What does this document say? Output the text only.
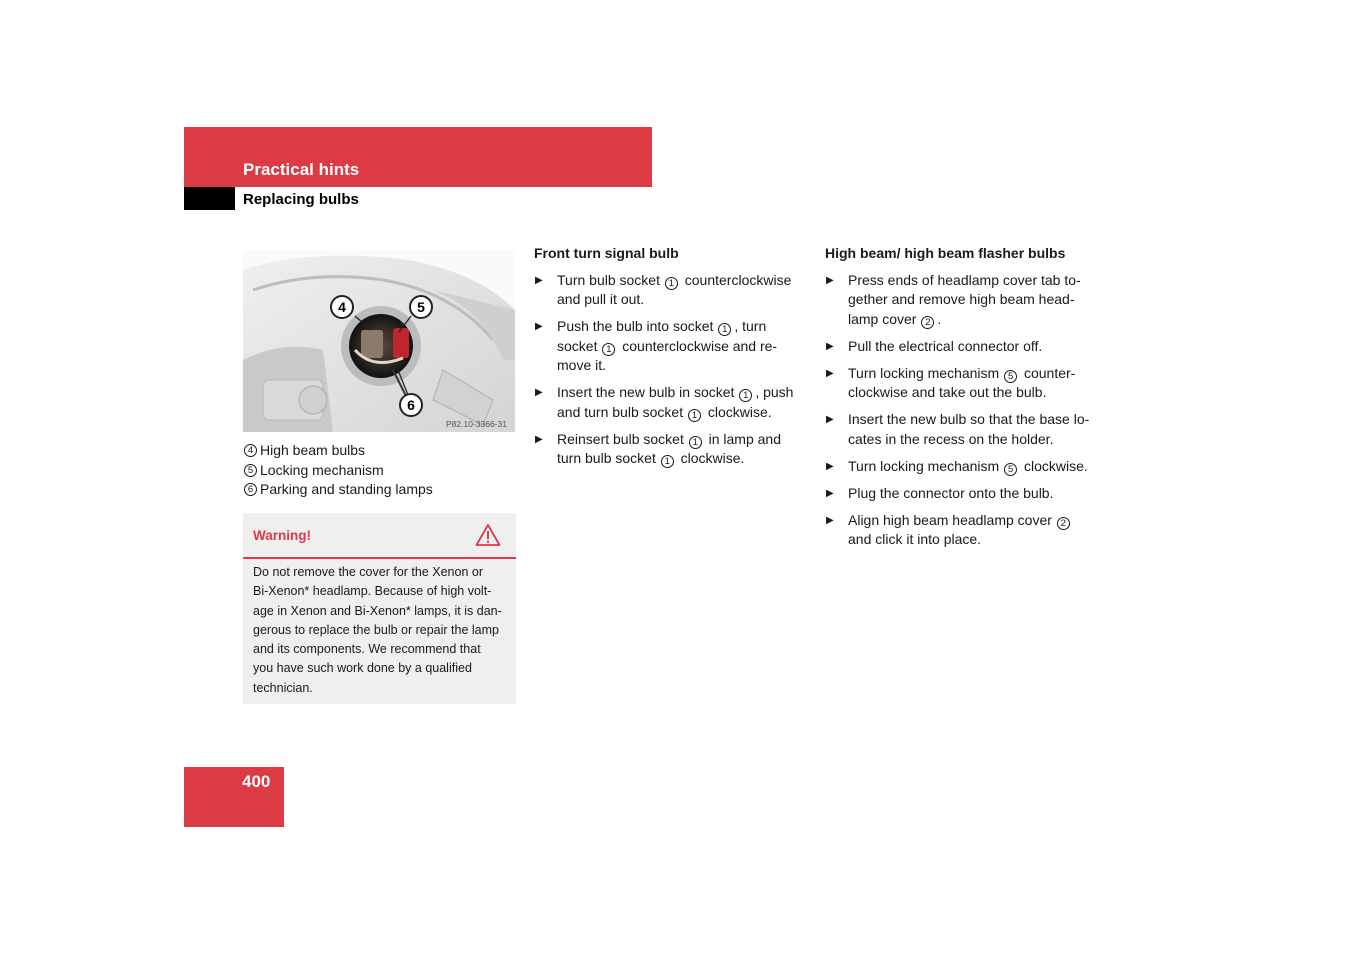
Practical hints
Replacing bulbs
4	5
6
P82.10-3366-31
4 High beam bulbs
5 Locking mechanism
6 Parking and standing lamps
Warning!
Do not remove the cover for the Xenon or
Bi-Xenon* headlamp. Because of high volt-
age in Xenon and Bi-Xenon* lamps, it is dan-
gerous to replace the bulb or repair the lamp
and its components. We recommend that
you have such work done by a qualified
technician.
Front turn signal bulb
▶ Turn bulb socket 1 counterclockwise
and pull it out.
▶ Push the bulb into socket 1 , turn
socket 1 counterclockwise and re-
move it.
▶ Insert the new bulb in socket 1 , push
and turn bulb socket 1 clockwise.
▶ Reinsert bulb socket 1 in lamp and
turn bulb socket 1 clockwise.
High beam/ high beam flasher bulbs
▶ Press ends of headlamp cover tab to-
gether and remove high beam head-
lamp cover 2 .
▶ Pull the electrical connector off.
▶ Turn locking mechanism 5 counter-
clockwise and take out the bulb.
▶ Insert the new bulb so that the base lo-
cates in the recess on the holder.
▶ Turn locking mechanism 5 clockwise.
▶ Plug the connector onto the bulb.
▶ Align high beam headlamp cover 2
and click it into place.
400
